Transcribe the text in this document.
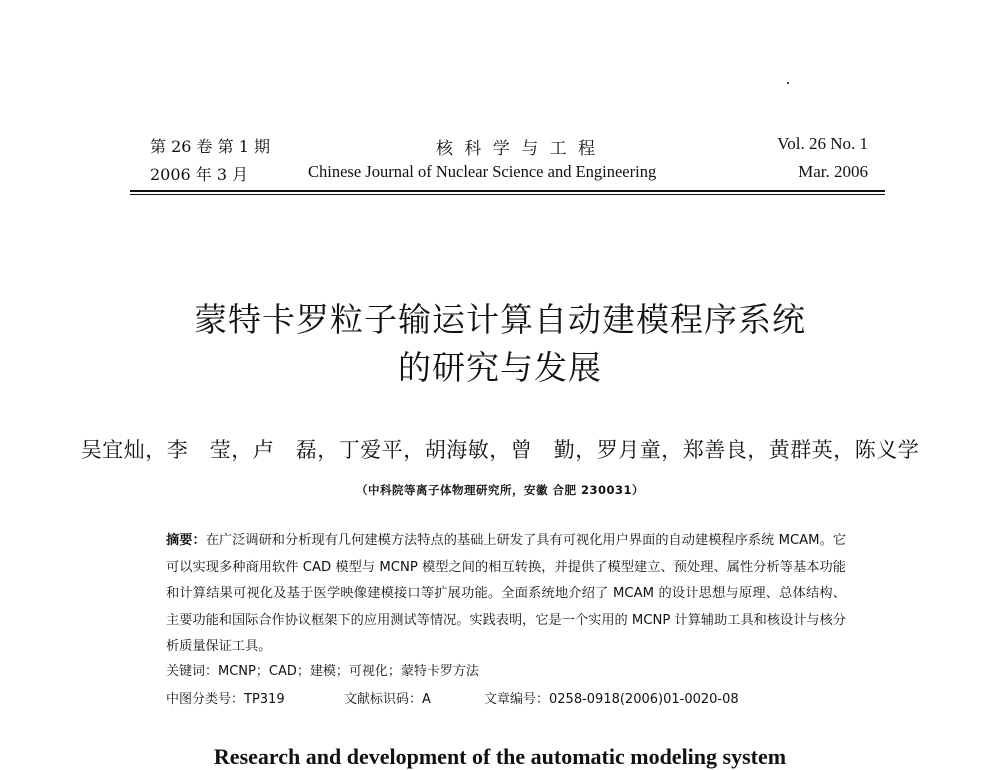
第 26 卷 第 1 期
2006 年 3 月
核 科 学 与 工 程
Chinese Journal of Nuclear Science and Engineering
Vol. 26 No. 1
Mar. 2006
蒙特卡罗粒子输运计算自动建模程序系统
的研究与发展
吴宜灿，李　莹，卢　磊，丁爱平，胡海敏，曾　勤，罗月童，郑善良，黄群英，陈义学
（中科院等离子体物理研究所，安徽 合肥 230031）
摘要：在广泛调研和分析现有几何建模方法特点的基础上研发了具有可视化用户界面的自动建模程序系统 MCAM。它可以实现多种商用软件 CAD 模型与 MCNP 模型之间的相互转换，并提供了模型建立、预处理、属性分析等基本功能和计算结果可视化及基于医学映像建模接口等扩展功能。全面系统地介绍了 MCAM 的设计思想与原理、总体结构、主要功能和国际合作协议框架下的应用测试等情况。实践表明，它是一个实用的 MCNP 计算辅助工具和核设计与核分析质量保证工具。
关键词：MCNP；CAD；建模；可视化；蒙特卡罗方法
中图分类号：TP319	文献标识码：A	文章编号：0258-0918(2006)01-0020-08
Research and development of the automatic modeling system
